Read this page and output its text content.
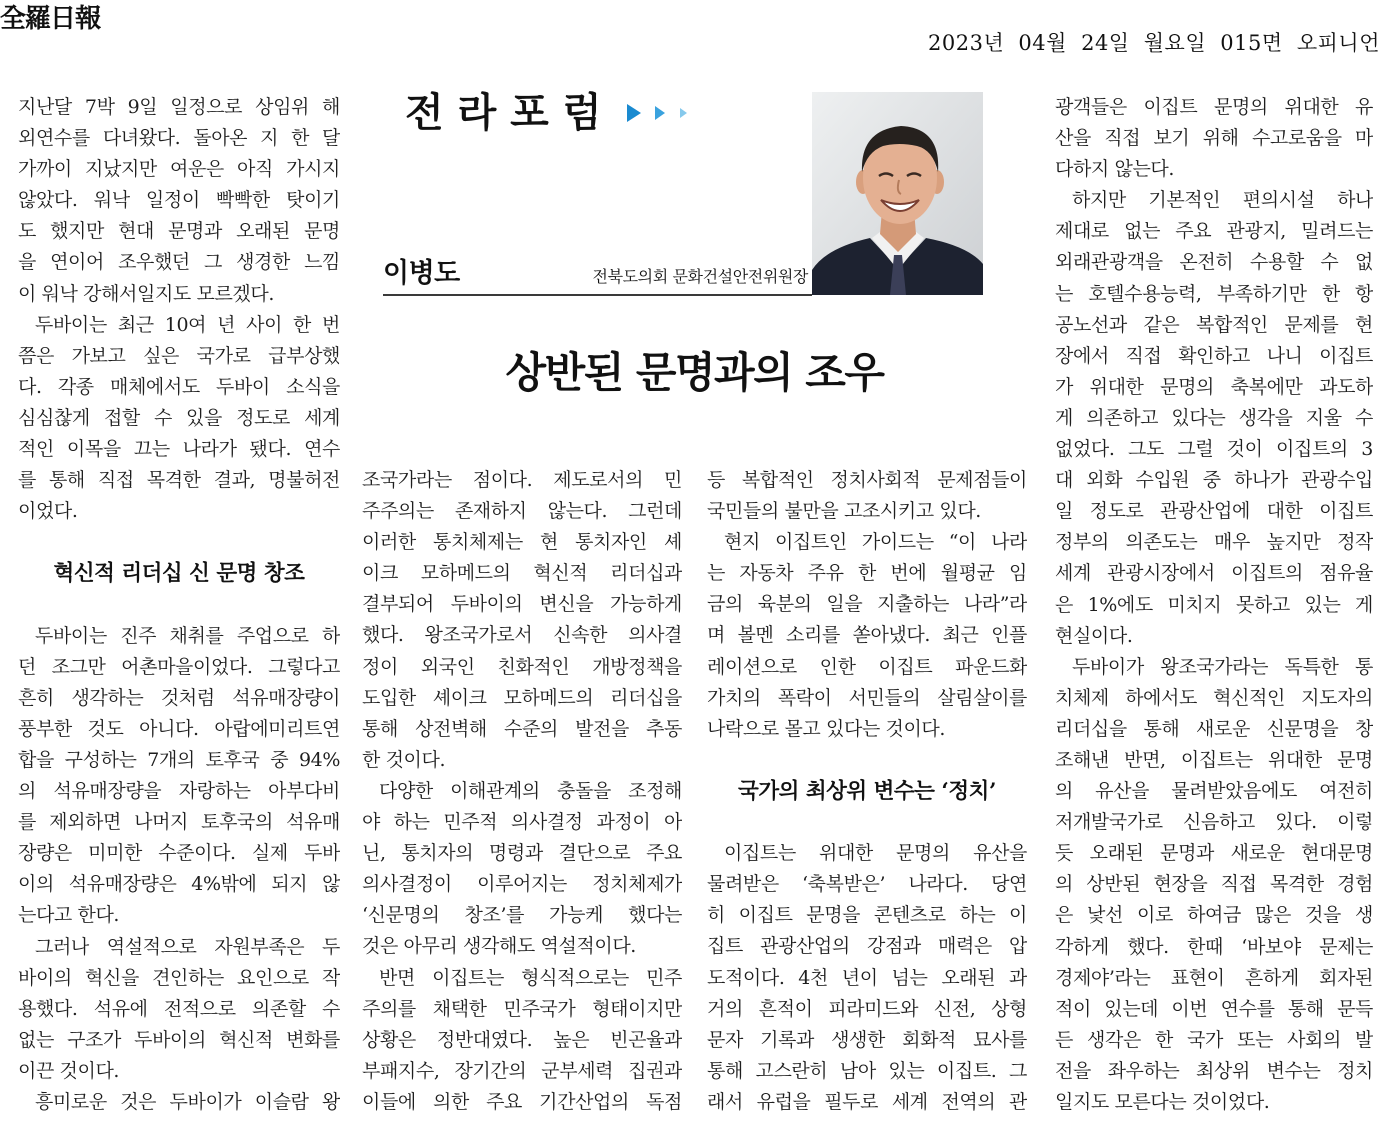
全羅日報
2023년 04월 24일 월요일 015면 오피니언
전 라 포 럼
이병도	전북도의회 문화건설안전위원장
상반된 문명과의 조우
지난달 7박 9일 일정으로 상임위 해
외연수를 다녀왔다. 돌아온 지 한 달
가까이 지났지만 여운은 아직 가시지
않았다. 워낙 일정이 빡빡한 탓이기
도 했지만 현대 문명과 오래된 문명
을 연이어 조우했던 그 생경한 느낌
이 워낙 강해서일지도 모르겠다.
두바이는 최근 10여 년 사이 한 번
쯤은 가보고 싶은 국가로 급부상했
다. 각종 매체에서도 두바이 소식을
심심찮게 접할 수 있을 정도로 세계
적인 이목을 끄는 나라가 됐다. 연수
를 통해 직접 목격한 결과, 명불허전
이었다.
혁신적 리더십 신 문명 창조
두바이는 진주 채취를 주업으로 하
던 조그만 어촌마을이었다. 그렇다고
흔히 생각하는 것처럼 석유매장량이
풍부한 것도 아니다. 아랍에미리트연
합을 구성하는 7개의 토후국 중 94%
의 석유매장량을 자랑하는 아부다비
를 제외하면 나머지 토후국의 석유매
장량은 미미한 수준이다. 실제 두바
이의 석유매장량은 4%밖에 되지 않
는다고 한다.
그러나 역설적으로 자원부족은 두
바이의 혁신을 견인하는 요인으로 작
용했다. 석유에 전적으로 의존할 수
없는 구조가 두바이의 혁신적 변화를
이끈 것이다.
흥미로운 것은 두바이가 이슬람 왕
조국가라는 점이다. 제도로서의 민
주주의는 존재하지 않는다. 그런데
이러한 통치체제는 현 통치자인 셰
이크 모하메드의 혁신적 리더십과
결부되어 두바이의 변신을 가능하게
했다. 왕조국가로서 신속한 의사결
정이 외국인 친화적인 개방정책을
도입한 셰이크 모하메드의 리더십을
통해 상전벽해 수준의 발전을 추동
한 것이다.
다양한 이해관계의 충돌을 조정해
야 하는 민주적 의사결정 과정이 아
닌, 통치자의 명령과 결단으로 주요
의사결정이 이루어지는 정치체제가
‘신문명의 창조’를 가능케 했다는
것은 아무리 생각해도 역설적이다.
반면 이집트는 형식적으로는 민주
주의를 채택한 민주국가 형태이지만
상황은 정반대였다. 높은 빈곤율과
부패지수, 장기간의 군부세력 집권과
이들에 의한 주요 기간산업의 독점
등 복합적인 정치사회적 문제점들이
국민들의 불만을 고조시키고 있다.
현지 이집트인 가이드는 “이 나라
는 자동차 주유 한 번에 월평균 임
금의 육분의 일을 지출하는 나라”라
며 볼멘 소리를 쏟아냈다. 최근 인플
레이션으로 인한 이집트 파운드화
가치의 폭락이 서민들의 살림살이를
나락으로 몰고 있다는 것이다.
국가의 최상위 변수는 ‘정치’
이집트는 위대한 문명의 유산을
물려받은 ‘축복받은’ 나라다. 당연
히 이집트 문명을 콘텐츠로 하는 이
집트 관광산업의 강점과 매력은 압
도적이다. 4천 년이 넘는 오래된 과
거의 흔적이 피라미드와 신전, 상형
문자 기록과 생생한 회화적 묘사를
통해 고스란히 남아 있는 이집트. 그
래서 유럽을 필두로 세계 전역의 관
광객들은 이집트 문명의 위대한 유
산을 직접 보기 위해 수고로움을 마
다하지 않는다.
하지만 기본적인 편의시설 하나
제대로 없는 주요 관광지, 밀려드는
외래관광객을 온전히 수용할 수 없
는 호텔수용능력, 부족하기만 한 항
공노선과 같은 복합적인 문제를 현
장에서 직접 확인하고 나니 이집트
가 위대한 문명의 축복에만 과도하
게 의존하고 있다는 생각을 지울 수
없었다. 그도 그럴 것이 이집트의 3
대 외화 수입원 중 하나가 관광수입
일 정도로 관광산업에 대한 이집트
정부의 의존도는 매우 높지만 정작
세계 관광시장에서 이집트의 점유율
은 1%에도 미치지 못하고 있는 게
현실이다.
두바이가 왕조국가라는 독특한 통
치체제 하에서도 혁신적인 지도자의
리더십을 통해 새로운 신문명을 창
조해낸 반면, 이집트는 위대한 문명
의 유산을 물려받았음에도 여전히
저개발국가로 신음하고 있다. 이렇
듯 오래된 문명과 새로운 현대문명
의 상반된 현장을 직접 목격한 경험
은 낯선 이로 하여금 많은 것을 생
각하게 했다. 한때 ‘바보야 문제는
경제야’라는 표현이 흔하게 회자된
적이 있는데 이번 연수를 통해 문득
든 생각은 한 국가 또는 사회의 발
전을 좌우하는 최상위 변수는 정치
일지도 모른다는 것이었다.
